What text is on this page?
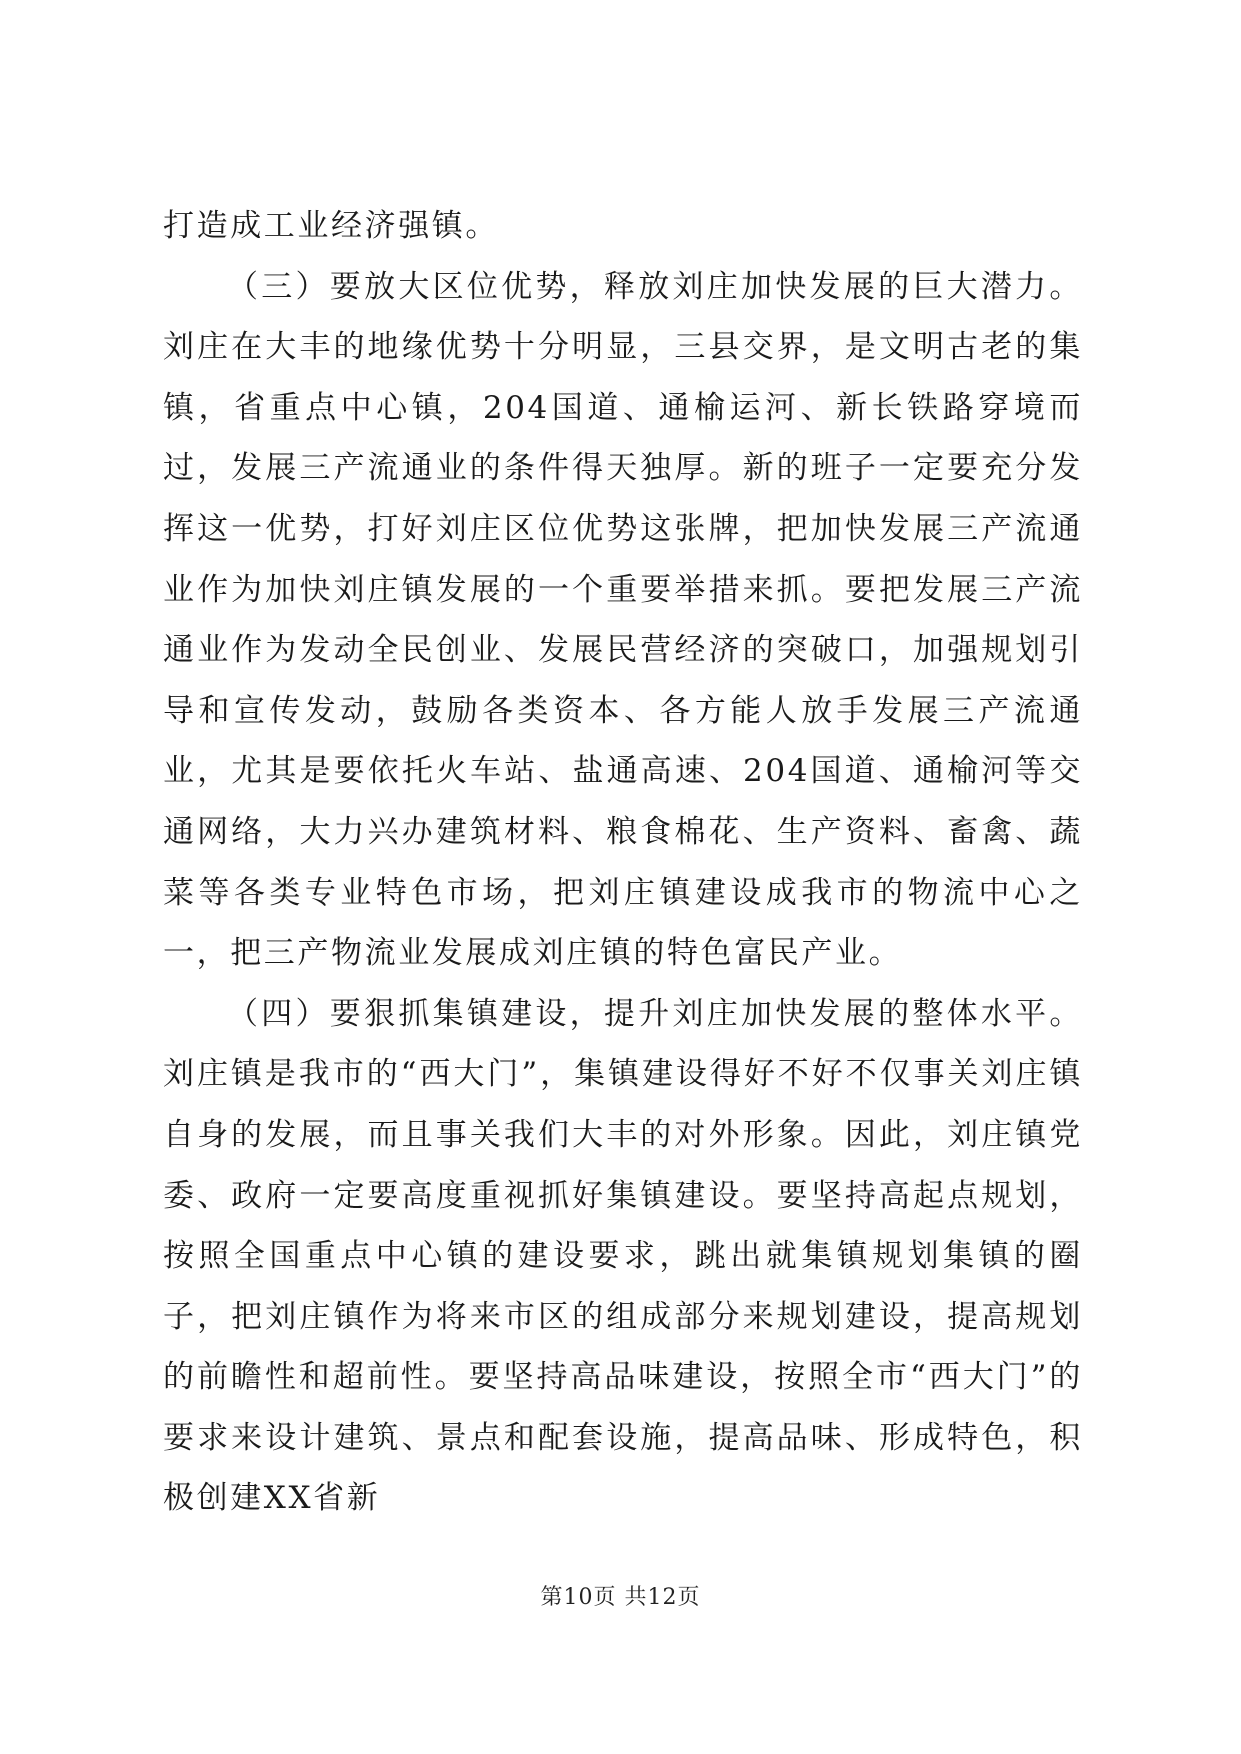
打造成工业经济强镇。

（三）要放大区位优势，释放刘庄加快发展的巨大潜力。刘庄在大丰的地缘优势十分明显，三县交界，是文明古老的集镇，省重点中心镇，204国道、通榆运河、新长铁路穿境而过，发展三产流通业的条件得天独厚。新的班子一定要充分发挥这一优势，打好刘庄区位优势这张牌，把加快发展三产流通业作为加快刘庄镇发展的一个重要举措来抓。要把发展三产流通业作为发动全民创业、发展民营经济的突破口，加强规划引导和宣传发动，鼓励各类资本、各方能人放手发展三产流通业，尤其是要依托火车站、盐通高速、204国道、通榆河等交通网络，大力兴办建筑材料、粮食棉花、生产资料、畜禽、蔬菜等各类专业特色市场，把刘庄镇建设成我市的物流中心之一，把三产物流业发展成刘庄镇的特色富民产业。

（四）要狠抓集镇建设，提升刘庄加快发展的整体水平。刘庄镇是我市的“西大门”，集镇建设得好不好不仅事关刘庄镇自身的发展，而且事关我们大丰的对外形象。因此，刘庄镇党委、政府一定要高度重视抓好集镇建设。要坚持高起点规划，按照全国重点中心镇的建设要求，跳出就集镇规划集镇的圈子，把刘庄镇作为将来市区的组成部分来规划建设，提高规划的前瞻性和超前性。要坚持高品味建设，按照全市“西大门”的要求来设计建筑、景点和配套设施，提高品味、形成特色，积极创建XX省新

第10页 共12页
